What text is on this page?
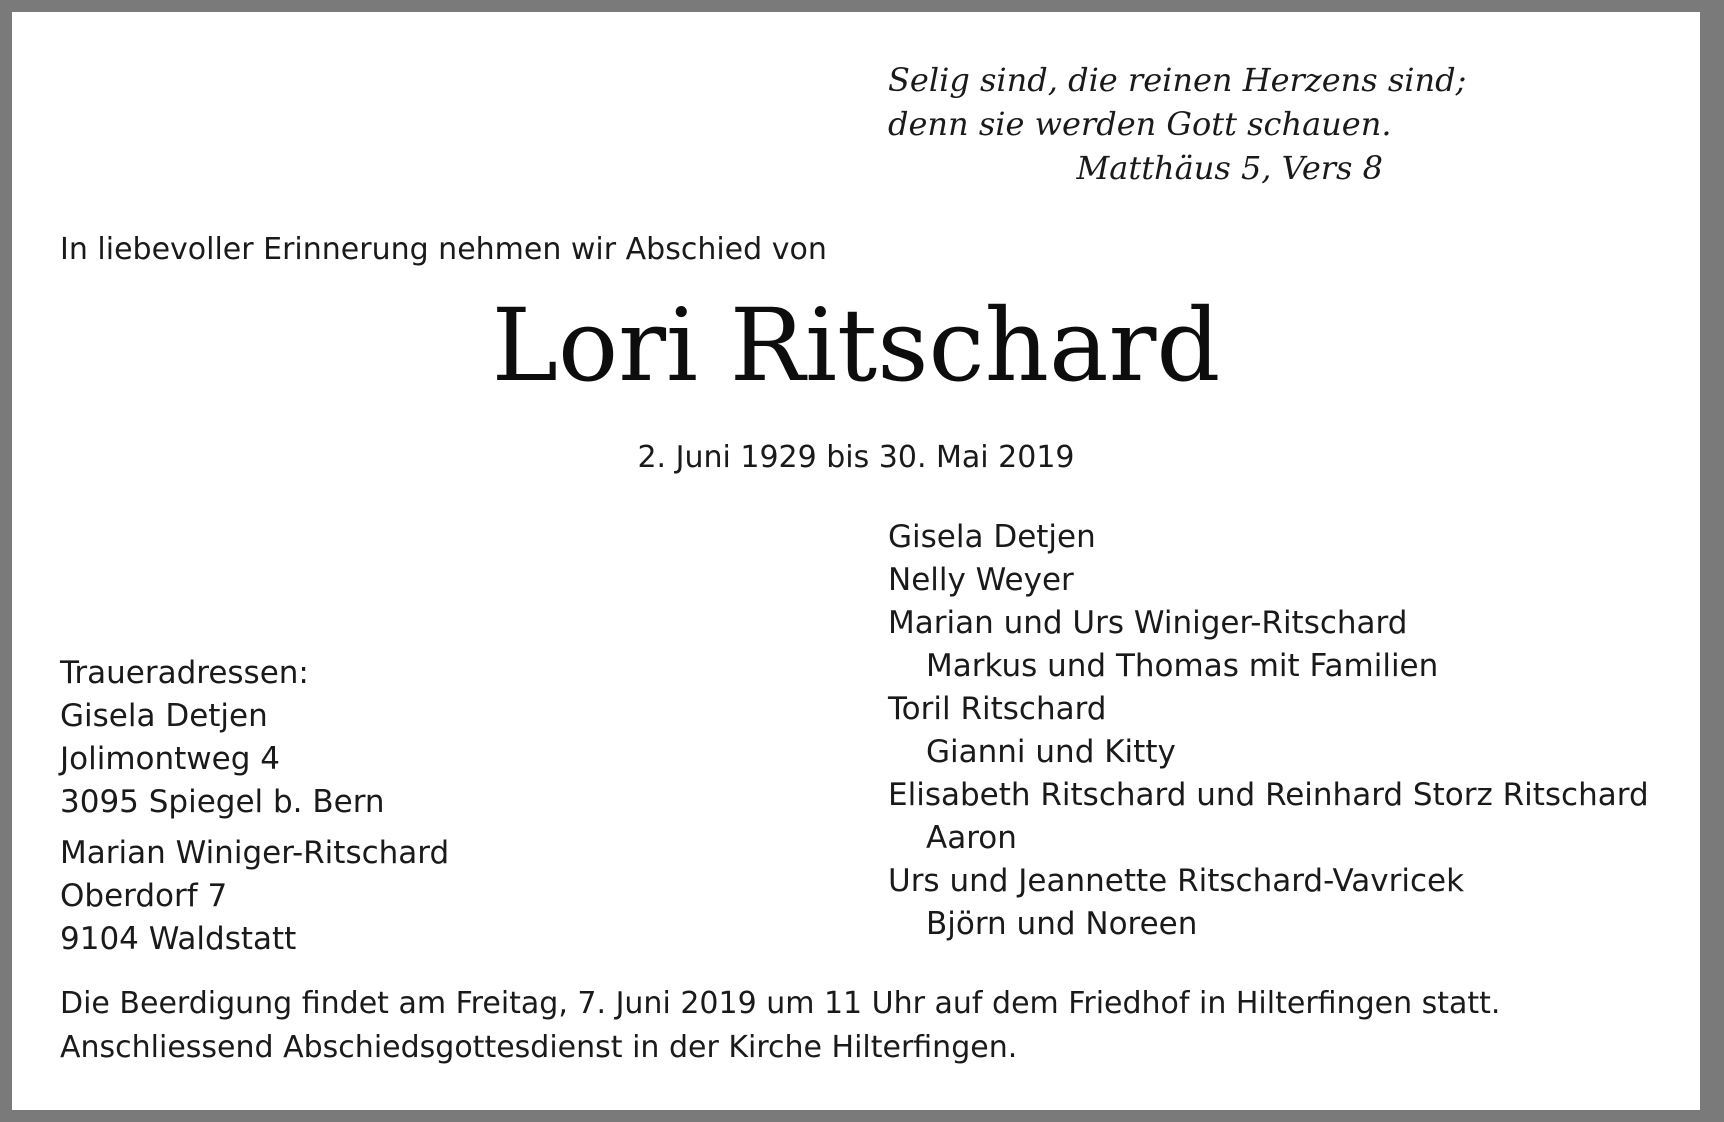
Selig sind, die reinen Herzens sind;
denn sie werden Gott schauen.
Matthäus 5, Vers 8
In liebevoller Erinnerung nehmen wir Abschied von
Lori Ritschard
2. Juni 1929 bis 30. Mai 2019
Traueradressen:
Gisela Detjen
Jolimontweg 4
3095 Spiegel b. Bern
Marian Winiger-Ritschard
Oberdorf 7
9104 Waldstatt
Gisela Detjen
Nelly Weyer
Marian und Urs Winiger-Ritschard
Markus und Thomas mit Familien
Toril Ritschard
Gianni und Kitty
Elisabeth Ritschard und Reinhard Storz Ritschard
Aaron
Urs und Jeannette Ritschard-Vavricek
Björn und Noreen
Die Beerdigung findet am Freitag, 7. Juni 2019 um 11 Uhr auf dem Friedhof in Hilterfingen statt. Anschliessend Abschiedsgottesdienst in der Kirche Hilterfingen.
